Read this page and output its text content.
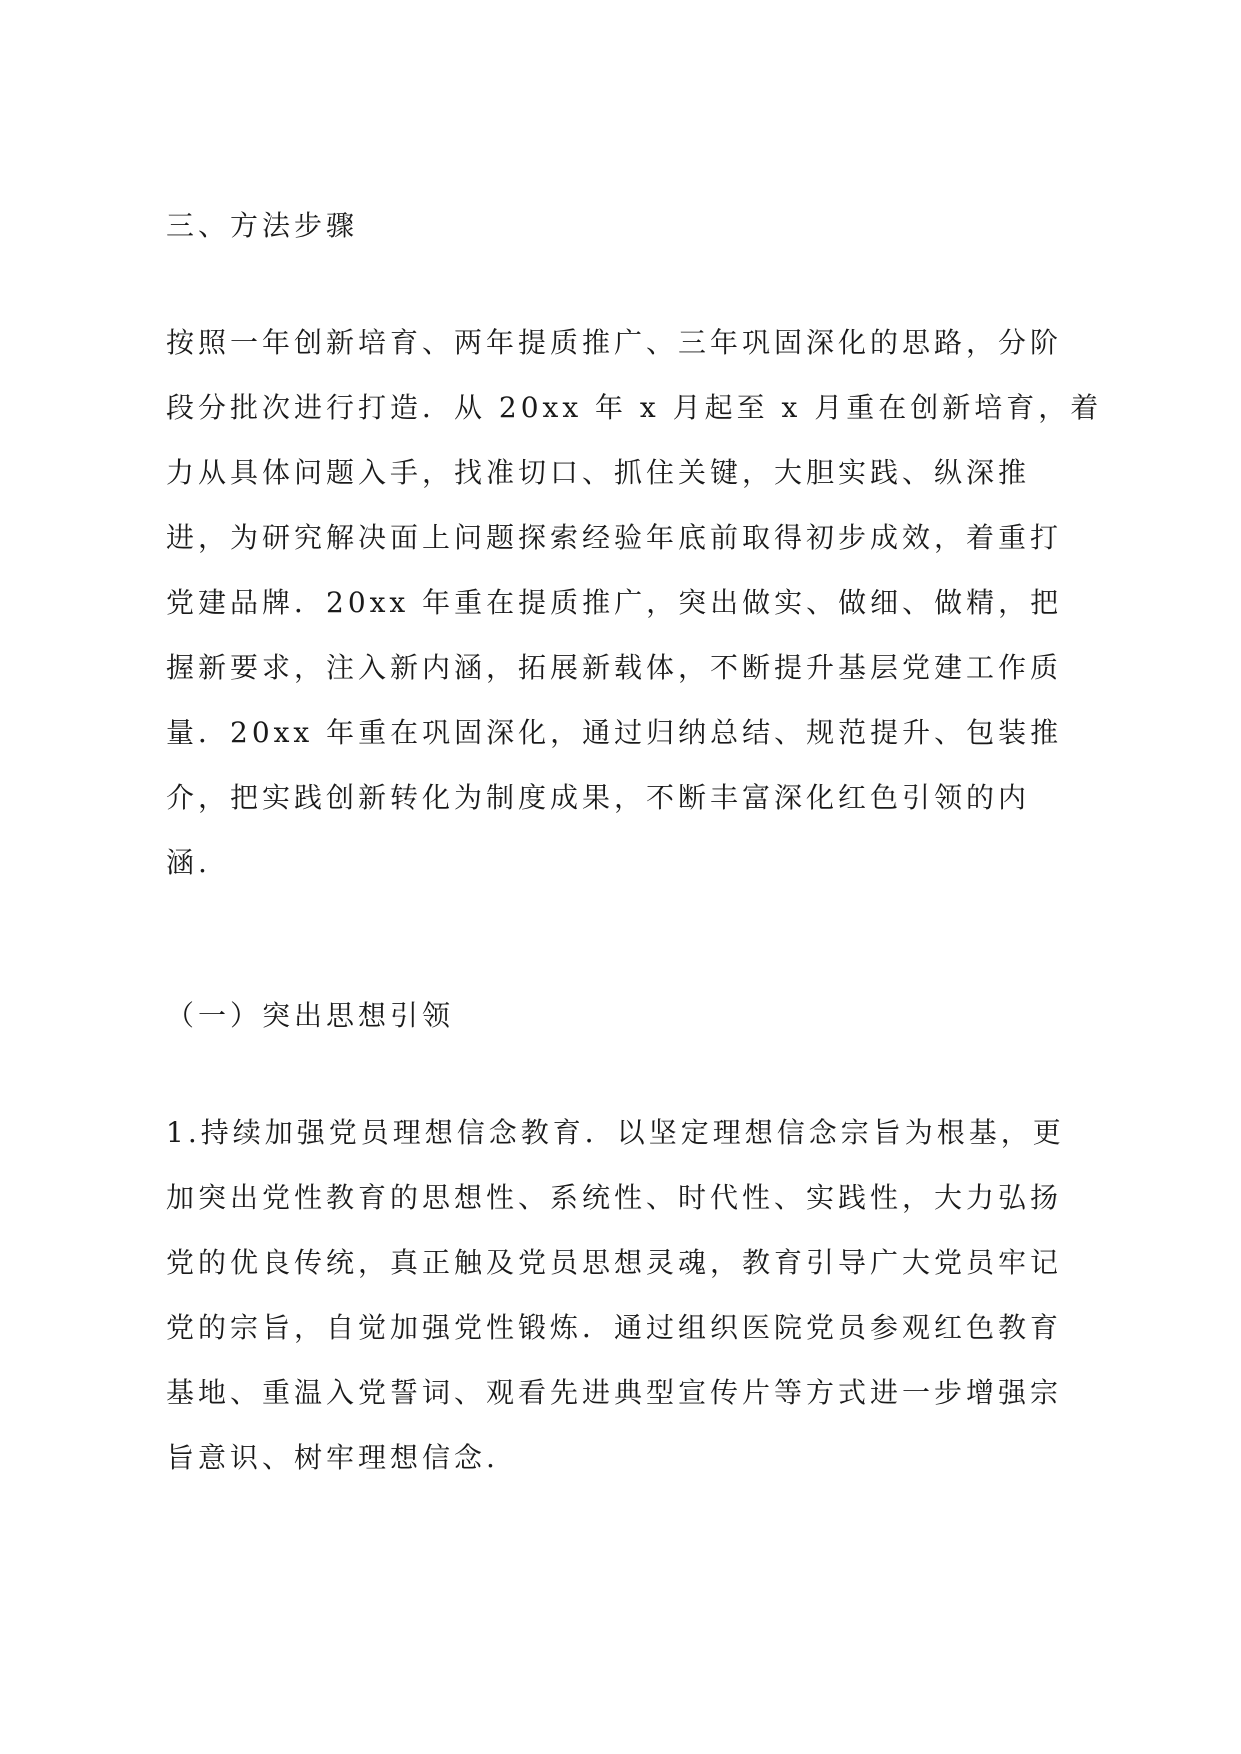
三、方法步骤
按照一年创新培育、两年提质推广、三年巩固深化的思路，分阶
段分批次进行打造．从 20xx 年 x 月起至 x 月重在创新培育，着
力从具体问题入手，找准切口、抓住关键，大胆实践、纵深推
进，为研究解决面上问题探索经验年底前取得初步成效，着重打
党建品牌．20xx 年重在提质推广，突出做实、做细、做精，把
握新要求，注入新内涵，拓展新载体，不断提升基层党建工作质
量．20xx 年重在巩固深化，通过归纳总结、规范提升、包装推
介，把实践创新转化为制度成果，不断丰富深化红色引领的内
涵.
（一）突出思想引领
1.持续加强党员理想信念教育．以坚定理想信念宗旨为根基，更
加突出党性教育的思想性、系统性、时代性、实践性，大力弘扬
党的优良传统，真正触及党员思想灵魂，教育引导广大党员牢记
党的宗旨，自觉加强党性锻炼．通过组织医院党员参观红色教育
基地、重温入党誓词、观看先进典型宣传片等方式进一步增强宗
旨意识、树牢理想信念.
